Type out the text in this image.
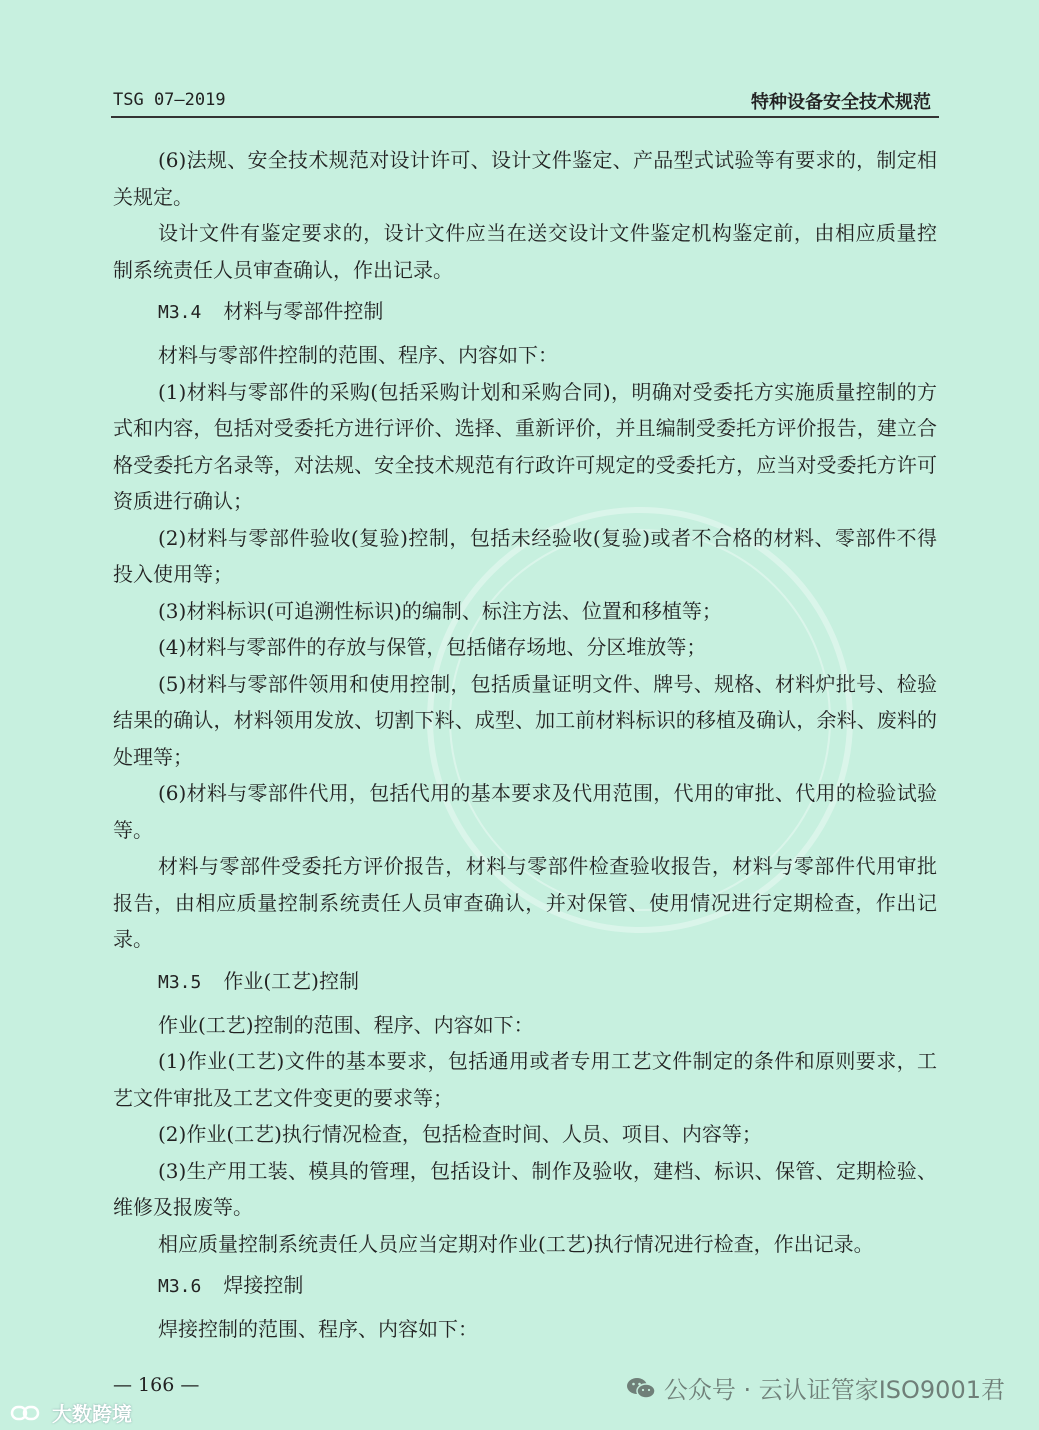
TSG 07—2019	特种设备安全技术规范

(6)法规、安全技术规范对设计许可、设计文件鉴定、产品型式试验等有要求的，制定相关规定。

设计文件有鉴定要求的，设计文件应当在送交设计文件鉴定机构鉴定前，由相应质量控制系统责任人员审查确认，作出记录。

M3.4 材料与零部件控制

材料与零部件控制的范围、程序、内容如下：

(1)材料与零部件的采购(包括采购计划和采购合同)，明确对受委托方实施质量控制的方式和内容，包括对受委托方进行评价、选择、重新评价，并且编制受委托方评价报告，建立合格受委托方名录等，对法规、安全技术规范有行政许可规定的受委托方，应当对受委托方许可资质进行确认；

(2)材料与零部件验收(复验)控制，包括未经验收(复验)或者不合格的材料、零部件不得投入使用等；

(3)材料标识(可追溯性标识)的编制、标注方法、位置和移植等；

(4)材料与零部件的存放与保管，包括储存场地、分区堆放等；

(5)材料与零部件领用和使用控制，包括质量证明文件、牌号、规格、材料炉批号、检验结果的确认，材料领用发放、切割下料、成型、加工前材料标识的移植及确认，余料、废料的处理等；

(6)材料与零部件代用，包括代用的基本要求及代用范围，代用的审批、代用的检验试验等。

材料与零部件受委托方评价报告，材料与零部件检查验收报告，材料与零部件代用审批报告，由相应质量控制系统责任人员审查确认，并对保管、使用情况进行定期检查，作出记录。

M3.5 作业(工艺)控制

作业(工艺)控制的范围、程序、内容如下：

(1)作业(工艺)文件的基本要求，包括通用或者专用工艺文件制定的条件和原则要求，工艺文件审批及工艺文件变更的要求等；

(2)作业(工艺)执行情况检查，包括检查时间、人员、项目、内容等；

(3)生产用工装、模具的管理，包括设计、制作及验收，建档、标识、保管、定期检验、维修及报废等。

相应质量控制系统责任人员应当定期对作业(工艺)执行情况进行检查，作出记录。

M3.6 焊接控制

焊接控制的范围、程序、内容如下：

— 166 —	公众号 · 云认证管家ISO9001君
大数跨境
